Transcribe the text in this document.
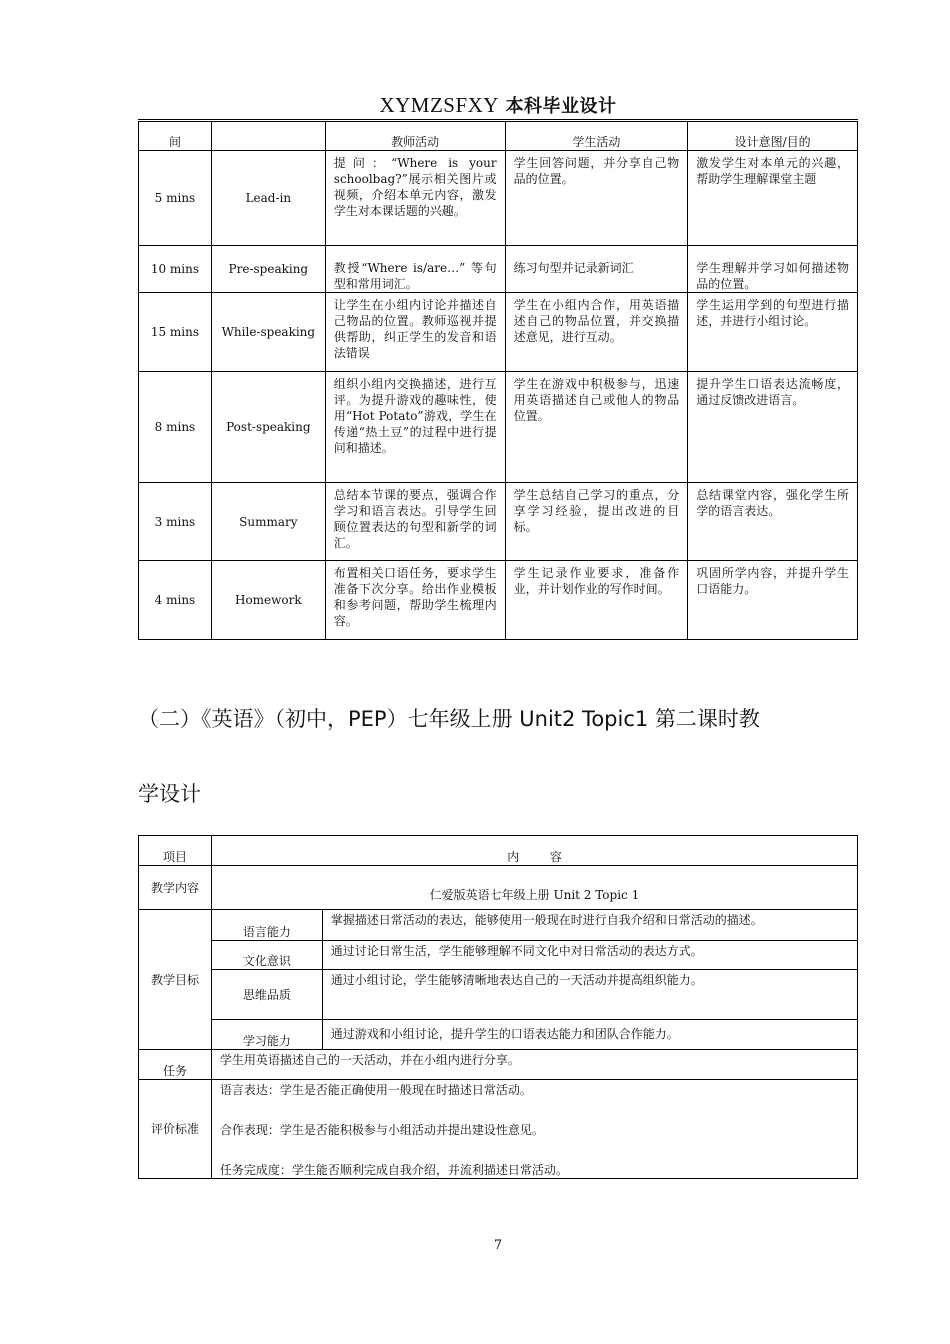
XYMZSFXY 本科毕业设计
间		教师活动	学生活动	设计意图/目的
5 mins	Lead-in	提问：“Where is your schoolbag?”展示相关图片或视频，介绍本单元内容，激发学生对本课话题的兴趣。	学生回答问题，并分享自己物品的位置。	激发学生对本单元的兴趣，帮助学生理解课堂主题
10 mins	Pre-speaking	教授“Where is/are…” 等句型和常用词汇。	练习句型并记录新词汇	学生理解并学习如何描述物品的位置。
15 mins	While-speaking	让学生在小组内讨论并描述自己物品的位置。教师巡视并提供帮助，纠正学生的发音和语法错误	学生在小组内合作，用英语描述自己的物品位置，并交换描述意见，进行互动。	学生运用学到的句型进行描述，并进行小组讨论。
8 mins	Post-speaking	组织小组内交换描述，进行互评。为提升游戏的趣味性，使用“Hot Potato”游戏，学生在传递“热土豆”的过程中进行提问和描述。	学生在游戏中积极参与，迅速用英语描述自己或他人的物品位置。	提升学生口语表达流畅度，通过反馈改进语言。
3 mins	Summary	总结本节课的要点，强调合作学习和语言表达。引导学生回顾位置表达的句型和新学的词汇。	学生总结自己学习的重点，分享学习经验，提出改进的目标。	总结课堂内容，强化学生所学的语言表达。
4 mins	Homework	布置相关口语任务，要求学生准备下次分享。给出作业模板和参考问题，帮助学生梳理内容。	学生记录作业要求，准备作业，并计划作业的写作时间。	巩固所学内容，并提升学生口语能力。
（二）《英语》（初中，PEP）七年级上册 Unit2 Topic1 第二课时教
学设计
项目	内        容	
教学内容	仁爱版英语七年级上册 Unit 2 Topic 1	
教学目标	语言能力	掌握描述日常活动的表达，能够使用一般现在时进行自我介绍和日常活动的描述。
	文化意识	通过讨论日常生活，学生能够理解不同文化中对日常活动的表达方式。
	思维品质	通过小组讨论，学生能够清晰地表达自己的一天活动并提高组织能力。
	学习能力	通过游戏和小组讨论，提升学生的口语表达能力和团队合作能力。
任务	学生用英语描述自己的一天活动，并在小组内进行分享。	
评价标准	语言表达：学生是否能正确使用一般现在时描述日常活动。

合作表现：学生是否能积极参与小组活动并提出建设性意见。

任务完成度：学生能否顺利完成自我介绍，并流利描述日常活动。	

7
